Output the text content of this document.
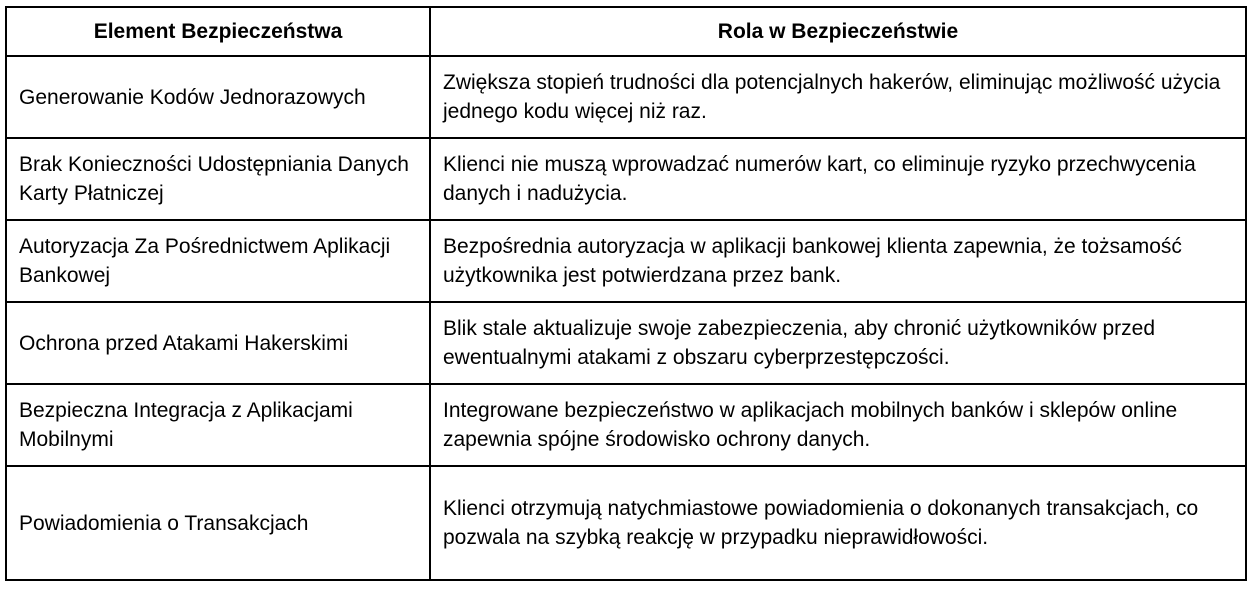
Element Bezpieczeństwa	Rola w Bezpieczeństwie
Generowanie Kodów Jednorazowych	Zwiększa stopień trudności dla potencjalnych hakerów, eliminując możliwość użycia jednego kodu więcej niż raz.
Brak Konieczności Udostępniania Danych Karty Płatniczej	Klienci nie muszą wprowadzać numerów kart, co eliminuje ryzyko przechwycenia danych i nadużycia.
Autoryzacja Za Pośrednictwem Aplikacji Bankowej	Bezpośrednia autoryzacja w aplikacji bankowej klienta zapewnia, że tożsamość użytkownika jest potwierdzana przez bank.
Ochrona przed Atakami Hakerskimi	Blik stale aktualizuje swoje zabezpieczenia, aby chronić użytkowników przed ewentualnymi atakami z obszaru cyberprzestępczości.
Bezpieczna Integracja z Aplikacjami Mobilnymi	Integrowane bezpieczeństwo w aplikacjach mobilnych banków i sklepów online zapewnia spójne środowisko ochrony danych.
Powiadomienia o Transakcjach	Klienci otrzymują natychmiastowe powiadomienia o dokonanych transakcjach, co pozwala na szybką reakcję w przypadku nieprawidłowości.
